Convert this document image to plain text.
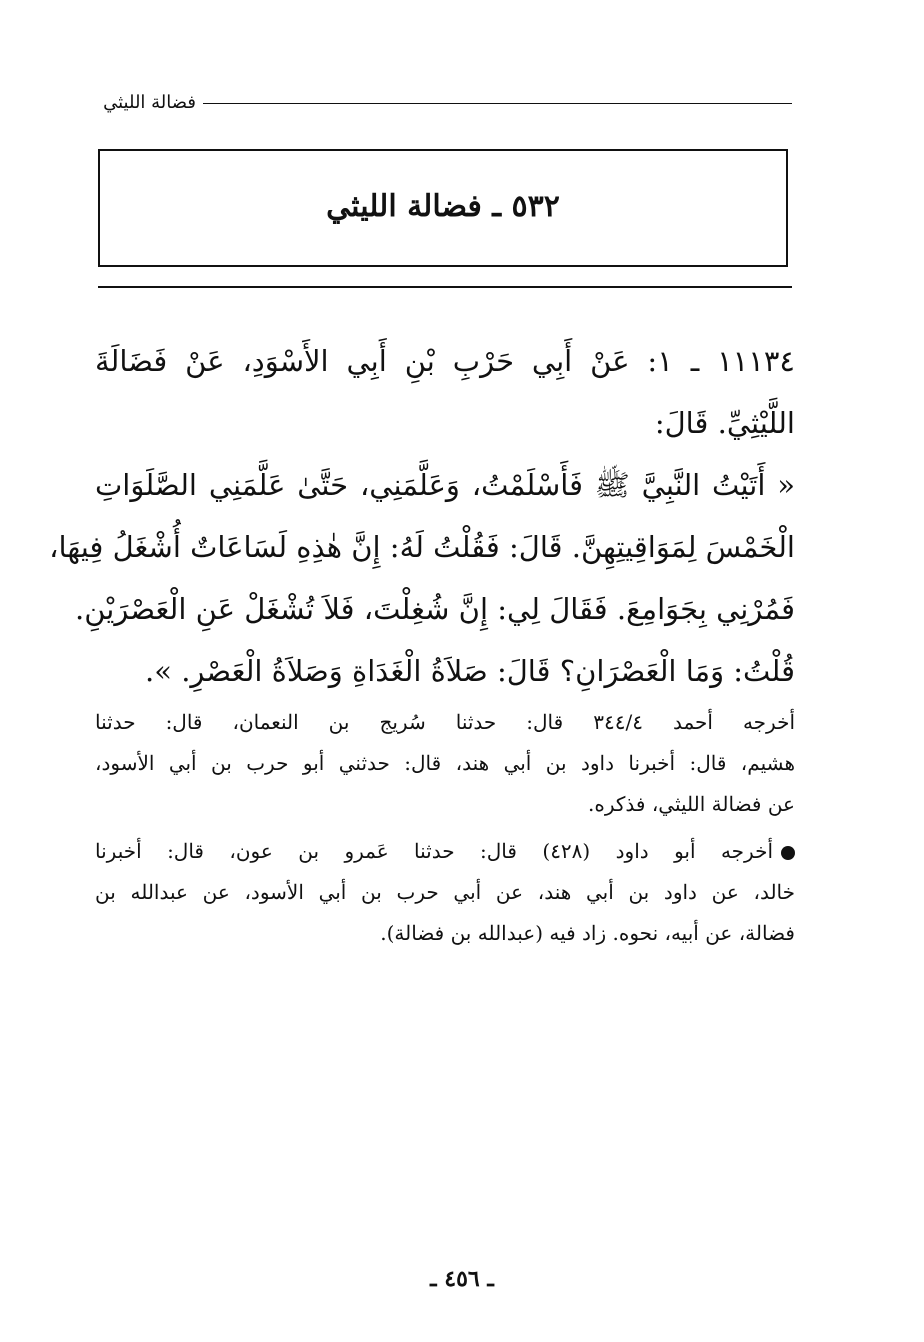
فضالة الليثي
٥٣٢ ـ فضالة الليثي
١١١٣٤ ـ ١: عَنْ أَبِي حَرْبِ بْنِ أَبِي الأَسْوَدِ، عَنْ فَضَالَةَ
اللَّيْثِيِّ. قَالَ:
« أَتَيْتُ النَّبِيَّ ﷺ فَأَسْلَمْتُ، وَعَلَّمَنِي، حَتَّىٰ عَلَّمَنِي الصَّلَوَاتِ
الْخَمْسَ لِمَوَاقِيتِهِنَّ. قَالَ: فَقُلْتُ لَهُ: إِنَّ هٰذِهِ لَسَاعَاتٌ أُشْغَلُ فِيهَا،
فَمُرْنِي بِجَوَامِعَ. فَقَالَ لِي: إِنَّ شُغِلْتَ، فَلاَ تُشْغَلْ عَنِ الْعَصْرَيْنِ.
قُلْتُ: وَمَا الْعَصْرَانِ؟ قَالَ: صَلاَةُ الْغَدَاةِ وَصَلاَةُ الْعَصْرِ. ».
أخرجه أحمد ٣٤٤/٤ قال: حدثنا سُريج بن النعمان، قال: حدثنا
هشيم، قال: أخبرنا داود بن أبي هند، قال: حدثني أبو حرب بن أبي الأسود،
عن فضالة الليثي، فذكره.
أخرجه أبو داود (٤٢٨) قال: حدثنا عَمرو بن عون، قال: أخبرنا
خالد، عن داود بن أبي هند، عن أبي حرب بن أبي الأسود، عن عبدالله بن
فضالة، عن أبيه، نحوه. زاد فيه (عبدالله بن فضالة).
ـ ٤٥٦ ـ
